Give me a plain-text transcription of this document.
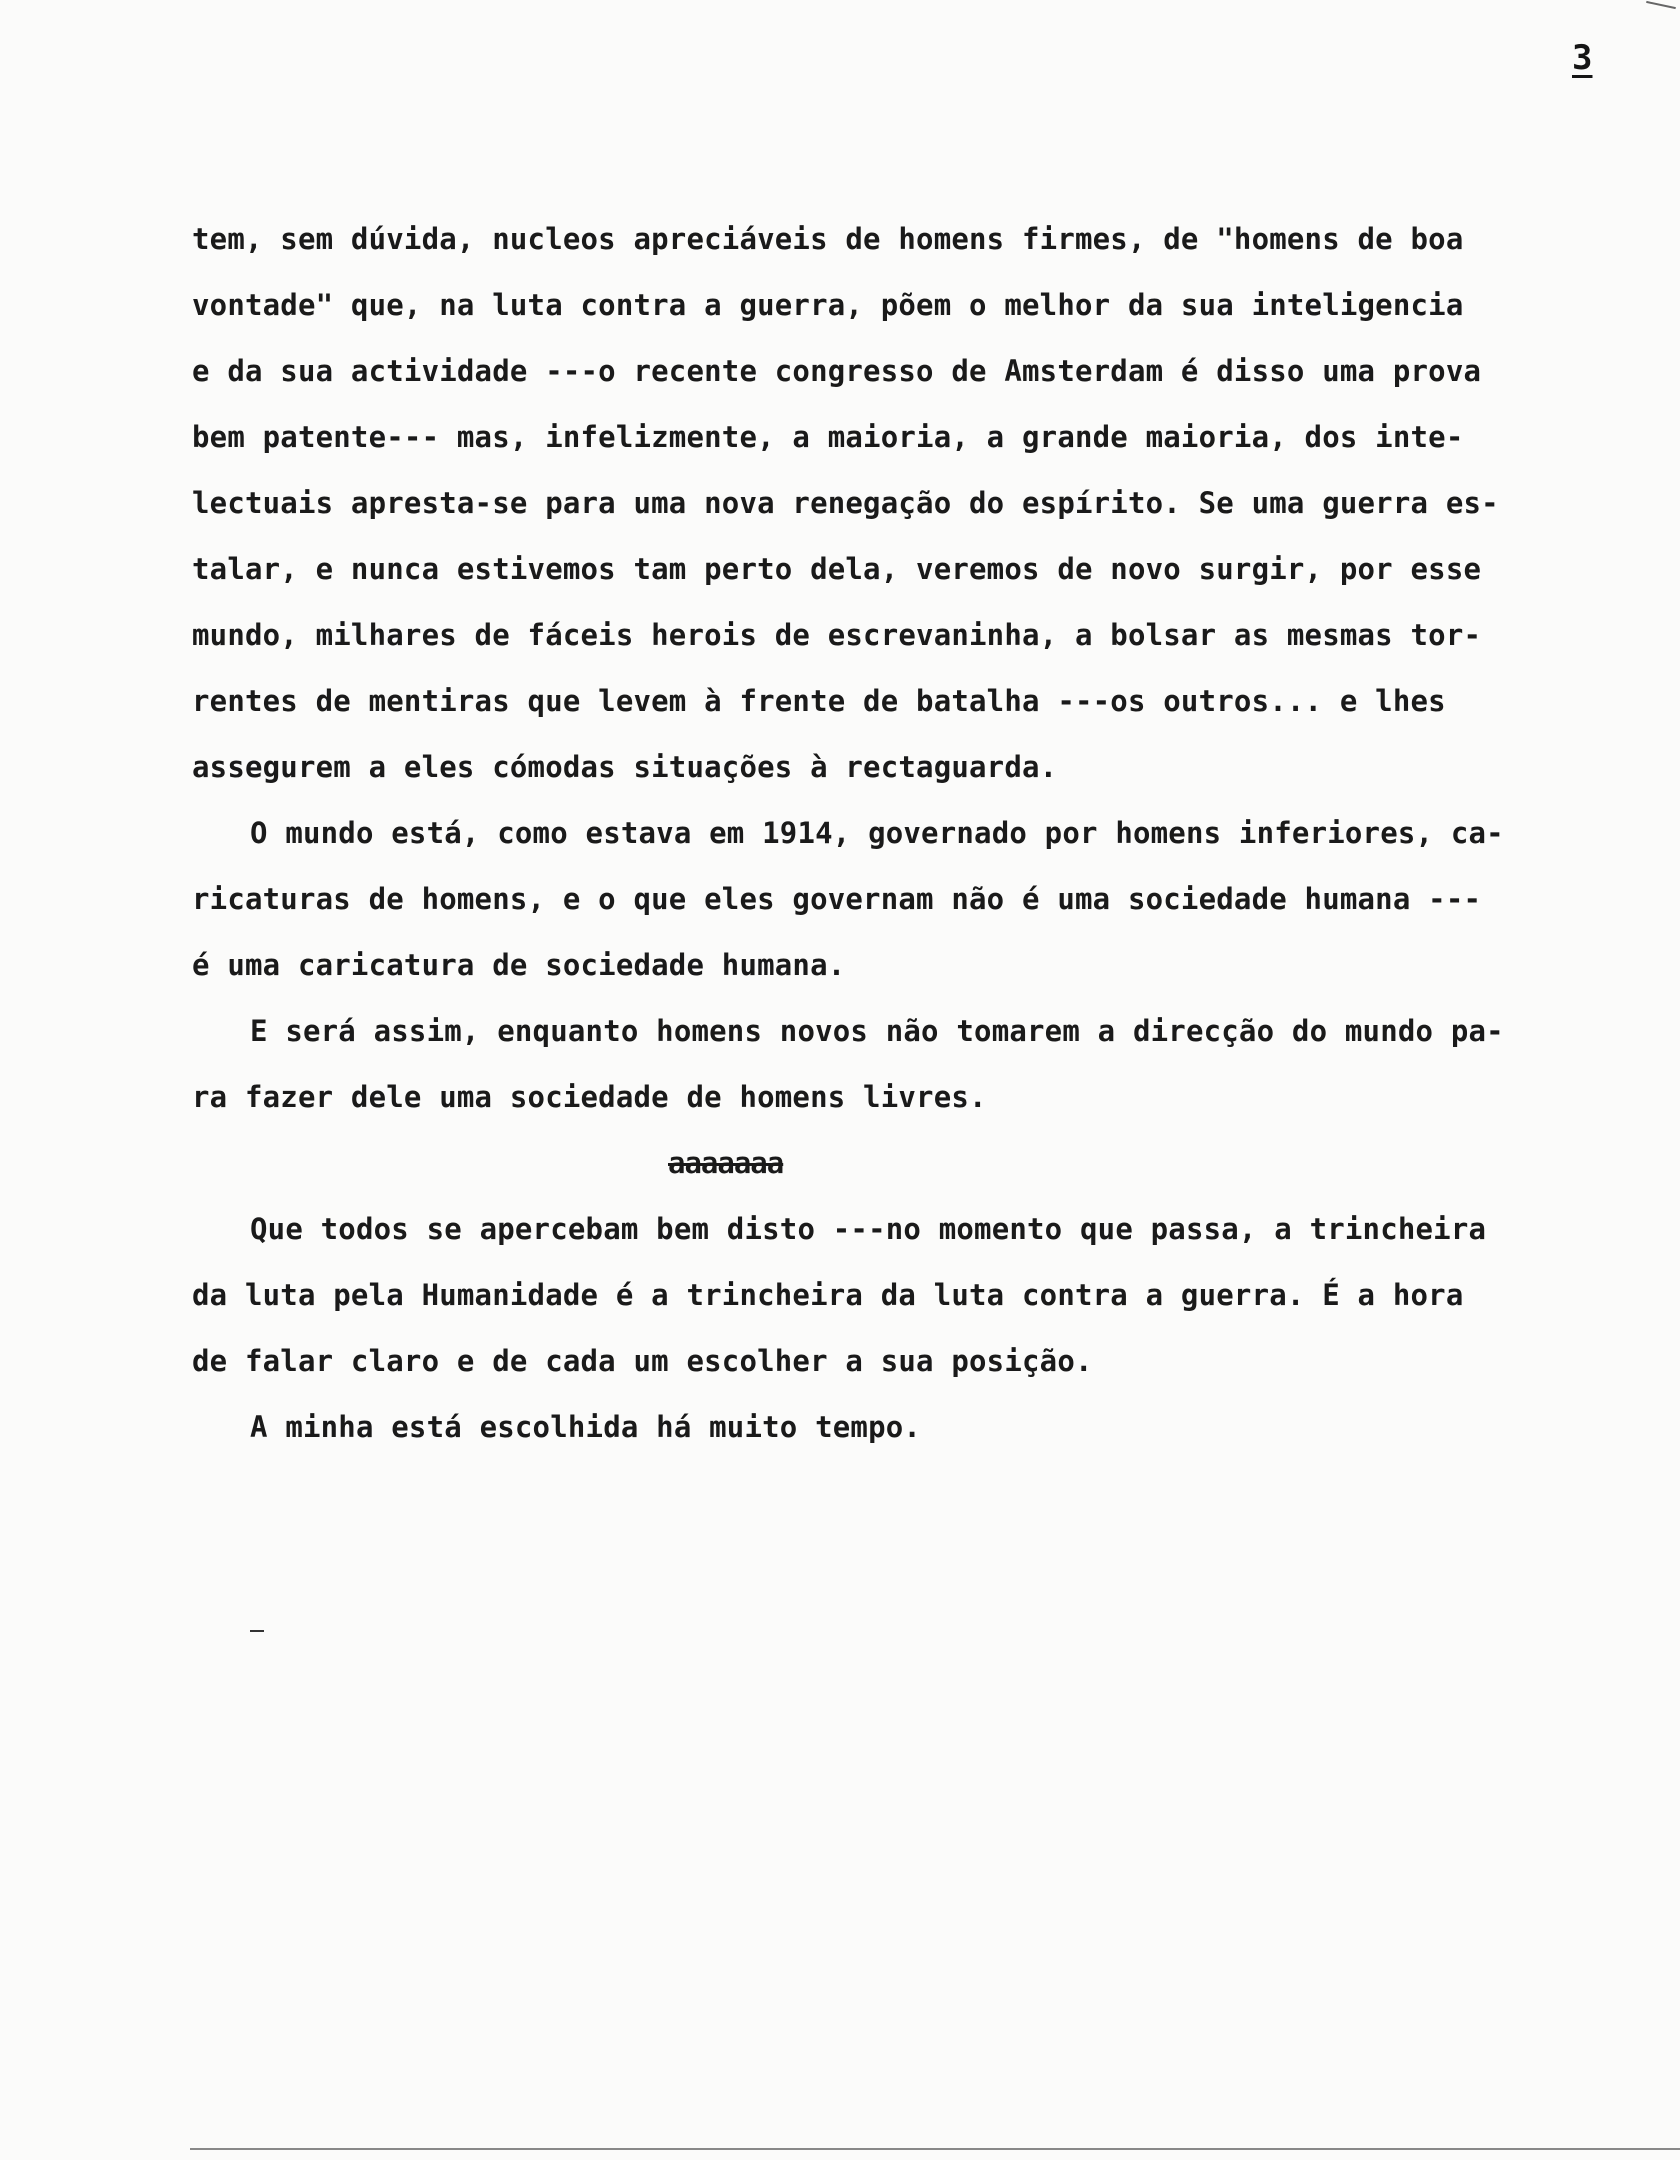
3
tem, sem dúvida, nucleos apreciáveis de homens firmes, de "homens de boa
vontade" que, na luta contra a guerra, põem o melhor da sua inteligencia
e da sua actividade ---o recente congresso de Amsterdam é disso uma prova
bem patente--- mas, infelizmente, a maioria, a grande maioria, dos inte-
lectuais apresta-se para uma nova renegação do espírito. Se uma guerra es-
talar, e nunca estivemos tam perto dela, veremos de novo surgir, por esse
mundo, milhares de fáceis herois de escrevaninha, a bolsar as mesmas tor-
rentes de mentiras que levem à frente de batalha ---os outros... e lhes
assegurem a eles cómodas situações à rectaguarda.
O mundo está, como estava em 1914, governado por homens inferiores, ca-
ricaturas de homens, e o que eles governam não é uma sociedade humana ---
é uma caricatura de sociedade humana.
E será assim, enquanto homens novos não tomarem a direcção do mundo pa-
ra fazer dele uma sociedade de homens livres.
aaaaaaa
Que todos se apercebam bem disto ---no momento que passa, a trincheira
da luta pela Humanidade é a trincheira da luta contra a guerra. É a hora
de falar claro e de cada um escolher a sua posição.
A minha está escolhida há muito tempo.
